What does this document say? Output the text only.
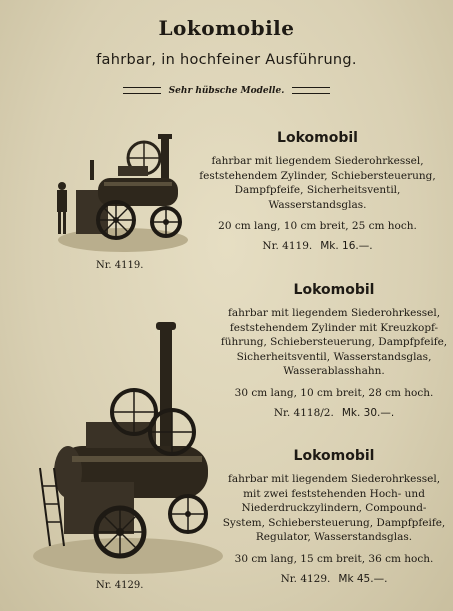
Lokomobile
fahrbar, in hochfeiner Ausführung.
Sehr hübsche Modelle.
Nr. 4119.
Nr. 4129.
Lokomobil
fahrbar mit liegendem Siederohrkessel,
feststehendem Zylinder, Schiebersteuerung,
Dampfpfeife, Sicherheitsventil,
Wasserstandsglas.
20 cm lang, 10 cm breit, 25 cm hoch.
Nr. 4119. Mk. 16.—.
Lokomobil
fahrbar mit liegendem Siederohrkessel,
feststehendem Zylinder mit Kreuzkopf-
führung, Schiebersteuerung, Dampfpfeife,
Sicherheitsventil, Wasserstandsglas,
Wasserablasshahn.
30 cm lang, 10 cm breit, 28 cm hoch.
Nr. 4118/2. Mk. 30.—.
Lokomobil
fahrbar mit liegendem Siederohrkessel,
mit zwei feststehenden Hoch- und
Niederdruckzylindern, Compound-
System, Schiebersteuerung, Dampfpfeife,
Regulator, Wasserstandsglas.
30 cm lang, 15 cm breit, 36 cm hoch.
Nr. 4129. Mk 45.—.
